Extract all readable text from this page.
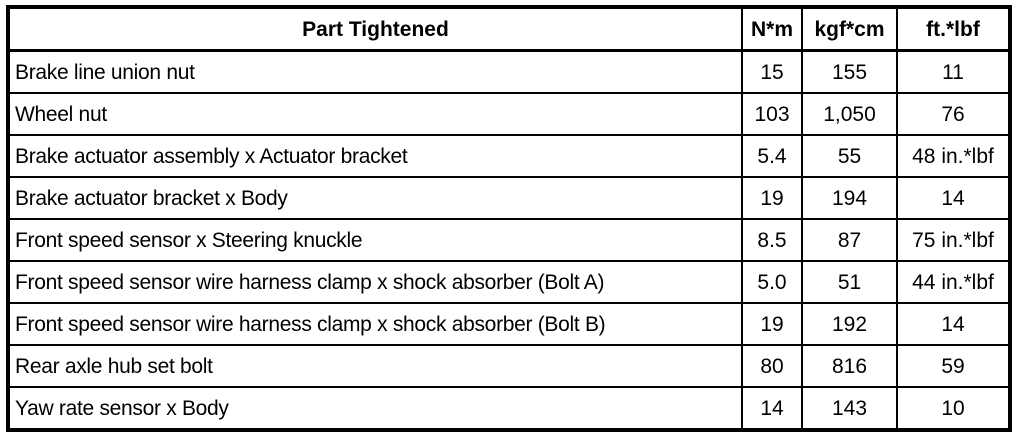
Part Tightened	N*m	kgf*cm	ft.*lbf
Brake line union nut	15	155	11
Wheel nut	103	1,050	76
Brake actuator assembly x Actuator bracket	5.4	55	48 in.*lbf
Brake actuator bracket x Body	19	194	14
Front speed sensor x Steering knuckle	8.5	87	75 in.*lbf
Front speed sensor wire harness clamp x shock absorber (Bolt A)	5.0	51	44 in.*lbf
Front speed sensor wire harness clamp x shock absorber (Bolt B)	19	192	14
Rear axle hub set bolt	80	816	59
Yaw rate sensor x Body	14	143	10
